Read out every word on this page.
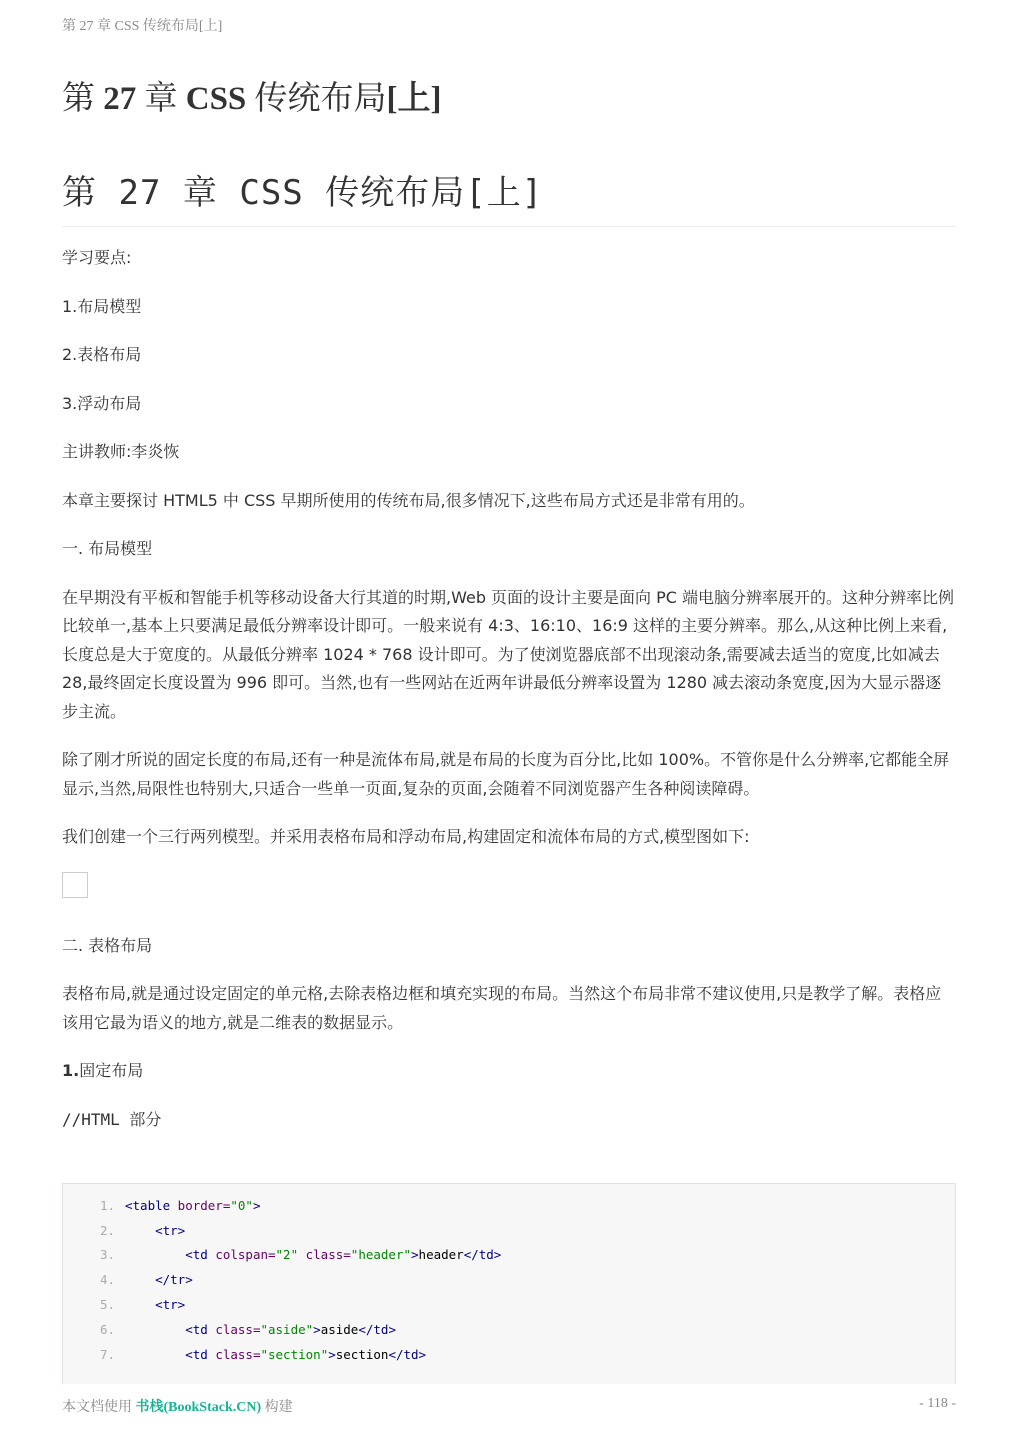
第 27 章 CSS 传统布局[上]
第 27 章 CSS 传统布局[上]
第 27 章 CSS 传统布局[上]

学习要点:

1.布局模型

2.表格布局

3.浮动布局

主讲教师:李炎恢

本章主要探讨 HTML5 中 CSS 早期所使用的传统布局,很多情况下,这些布局方式还是非常有用的。

一. 布局模型

在早期没有平板和智能手机等移动设备大行其道的时期,Web 页面的设计主要是面向 PC 端电脑分辨率展开的。这种分辨率比例比较单一,基本上只要满足最低分辨率设计即可。一般来说有 4:3、16:10、16:9 这样的主要分辨率。那么,从这种比例上来看,长度总是大于宽度的。从最低分辨率 1024 * 768 设计即可。为了使浏览器底部不出现滚动条,需要减去适当的宽度,比如减去 28,最终固定长度设置为 996 即可。当然,也有一些网站在近两年讲最低分辨率设置为 1280 减去滚动条宽度,因为大显示器逐步主流。

除了刚才所说的固定长度的布局,还有一种是流体布局,就是布局的长度为百分比,比如 100%。不管你是什么分辨率,它都能全屏显示,当然,局限性也特别大,只适合一些单一页面,复杂的页面,会随着不同浏览器产生各种阅读障碍。

我们创建一个三行两列模型。并采用表格布局和浮动布局,构建固定和流体布局的方式,模型图如下:

二. 表格布局

表格布局,就是通过设定固定的单元格,去除表格边框和填充实现的布局。当然这个布局非常不建议使用,只是教学了解。表格应该用它最为语义的地方,就是二维表的数据显示。

1.固定布局

//HTML 部分

1. <table border= "0" >
2.
	<tr>
3.
	<td colspan= "2" class= "header" > header </td>
4.
	</tr>
5.
	<tr>
6.
	<td class= "aside" > aside </td>
7.
	<td class= "section" > section </td>
本文档使用 书栈(BookStack.CN) 构建	- 118 -
